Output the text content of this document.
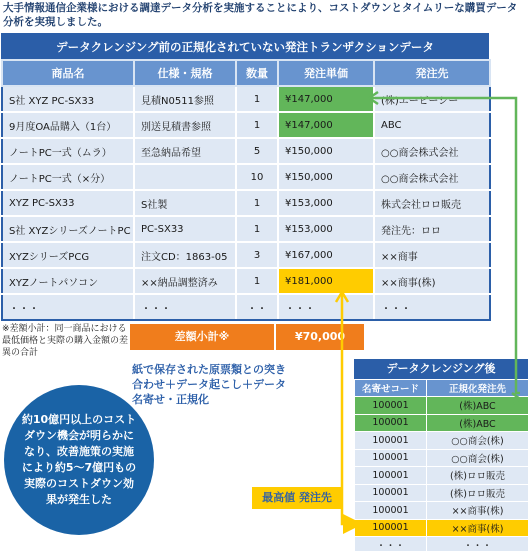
大手情報通信企業様における調達データ分析を実施することにより、コストダウンとタイムリーな購買データ分析を実現しました。
データクレンジング前の正規化されていない発注トランザクションデータ
商品名	仕様・規格	数量	発注単価	発注先
S社 XYZ PC-SX33	見積N0511参照	1	¥147,000	(株)エービーシー
9月度OA品購入（1台）	別送見積書参照	1	¥147,000	ABC
ノートPC一式（ムラ）	至急納品希望	5	¥150,000	○○商会株式会社
ノートPC一式（×分）		10	¥150,000	○○商会株式会社
XYZ PC-SX33	S社製	1	¥153,000	株式会社ロロ販売
S社 XYZシリーズノートPC	PC-SX33	1	¥153,000	発注先：ロロ
XYZシリーズPCG	注文CD：1863-05	3	¥167,000	××商事
XYZノートパソコン	××納品調整済み	1	¥181,000	××商事(株)
・・・	・・・	・・	・・・	・・・
※差額小計：同一商品における最低価格と実際の購入金額の差異の合計
差額小計※	¥70,000
紙で保存された原票類との突き合わせ＋データ起こし＋データ名寄せ・正規化
約10億円以上のコストダウン機会が明らかになり、改善施策の実施により約5～7億円もの実際のコストダウン効果が発生した	最高値 発注先
データクレンジング後
名寄せコード	正規化発注先
100001	(株)ABC
100001	(株)ABC
100001	○○商会(株)
100001	○○商会(株)
100001	(株)ロロ販売
100001	(株)ロロ販売
100001	××商事(株)
100001	××商事(株)
・・・	・・・
